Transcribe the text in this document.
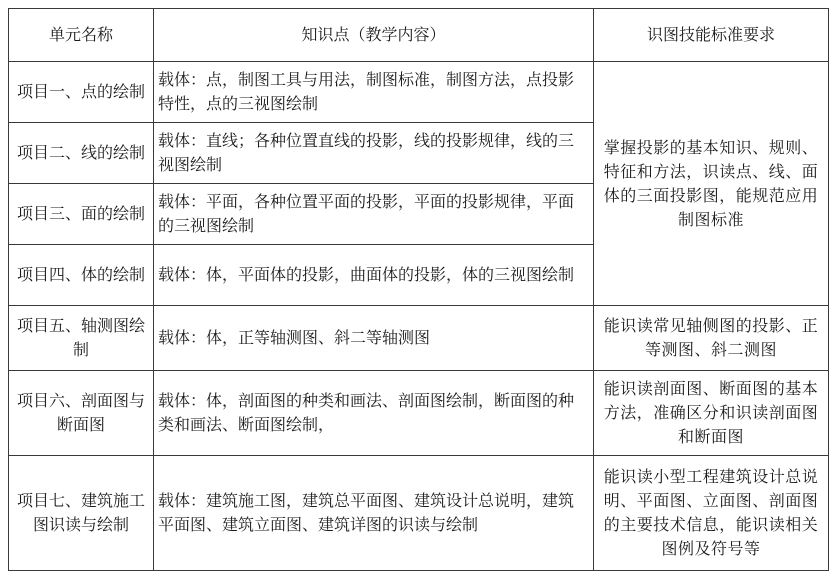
单元名称	知识点（教学内容）	识图技能标准要求
项目一、点的绘制	载体：点，制图工具与用法，制图标准，制图方法，点投影特性，点的三视图绘制	掌握投影的基本知识、规则、特征和方法，识读点、线、面体的三面投影图，能规范应用制图标准
项目二、线的绘制	载体：直线；各种位置直线的投影，线的投影规律，线的三视图绘制	
项目三、面的绘制	载体：平面，各种位置平面的投影，平面的投影规律，平面的三视图绘制	
项目四、体的绘制	载体：体，平面体的投影，曲面体的投影，体的三视图绘制	
项目五、轴测图绘制	载体：体，正等轴测图、斜二等轴测图	能识读常见轴侧图的投影、正等测图、斜二测图
项目六、剖面图与断面图	载体：体，剖面图的种类和画法、剖面图绘制，断面图的种类和画法、断面图绘制，	能识读剖面图、断面图的基本方法，准确区分和识读剖面图和断面图
项目七、建筑施工图识读与绘制	载体：建筑施工图，建筑总平面图、建筑设计总说明，建筑平面图、建筑立面图、建筑详图的识读与绘制	能识读小型工程建筑设计总说明、平面图、立面图、剖面图的主要技术信息，能识读相关图例及符号等
